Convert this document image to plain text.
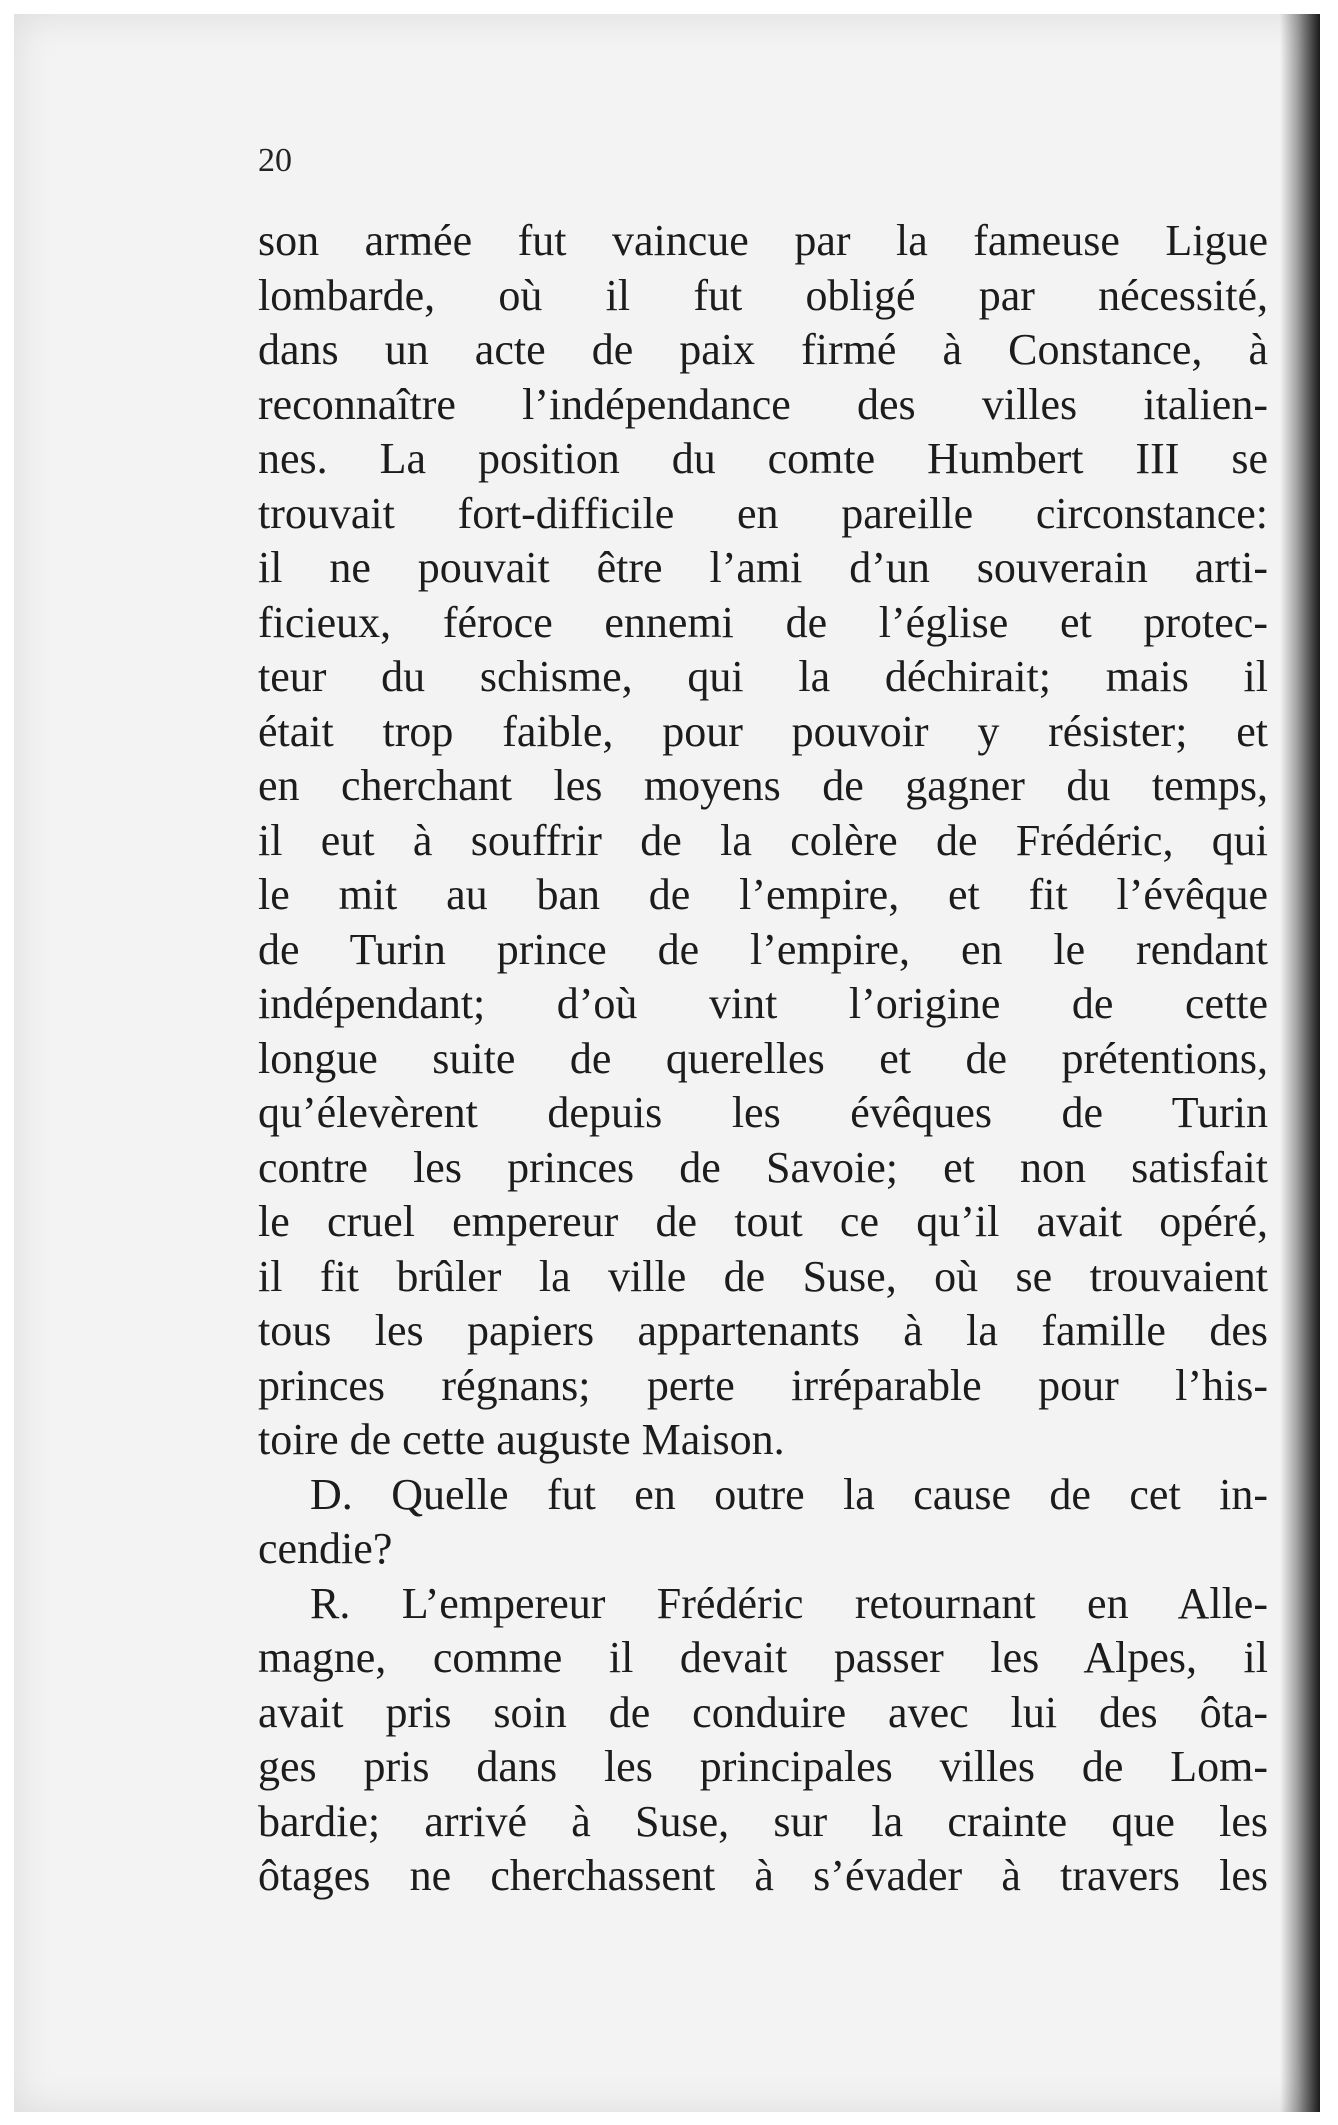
20
son armée fut vaincue par la fameuse Ligue
lombarde, où il fut obligé par nécessité,
dans un acte de paix firmé à Constance, à
reconnaître l’indépendance des villes italien-
nes. La position du comte Humbert III se
trouvait fort-difficile en pareille circonstance:
il ne pouvait être l’ami d’un souverain arti-
ficieux, féroce ennemi de l’église et protec-
teur du schisme, qui la déchirait; mais il
était trop faible, pour pouvoir y résister; et
en cherchant les moyens de gagner du temps,
il eut à souffrir de la colère de Frédéric, qui
le mit au ban de l’empire, et fit l’évêque
de Turin prince de l’empire, en le rendant
indépendant; d’où vint l’origine de cette
longue suite de querelles et de prétentions,
qu’élevèrent depuis les évêques de Turin
contre les princes de Savoie; et non satisfait
le cruel empereur de tout ce qu’il avait opéré,
il fit brûler la ville de Suse, où se trouvaient
tous les papiers appartenants à la famille des
princes régnans; perte irréparable pour l’his-
toire de cette auguste Maison.
D. Quelle fut en outre la cause de cet in-
cendie?
R. L’empereur Frédéric retournant en Alle-
magne, comme il devait passer les Alpes, il
avait pris soin de conduire avec lui des ôta-
ges pris dans les principales villes de Lom-
bardie; arrivé à Suse, sur la crainte que les
ôtages ne cherchassent à s’évader à travers les
